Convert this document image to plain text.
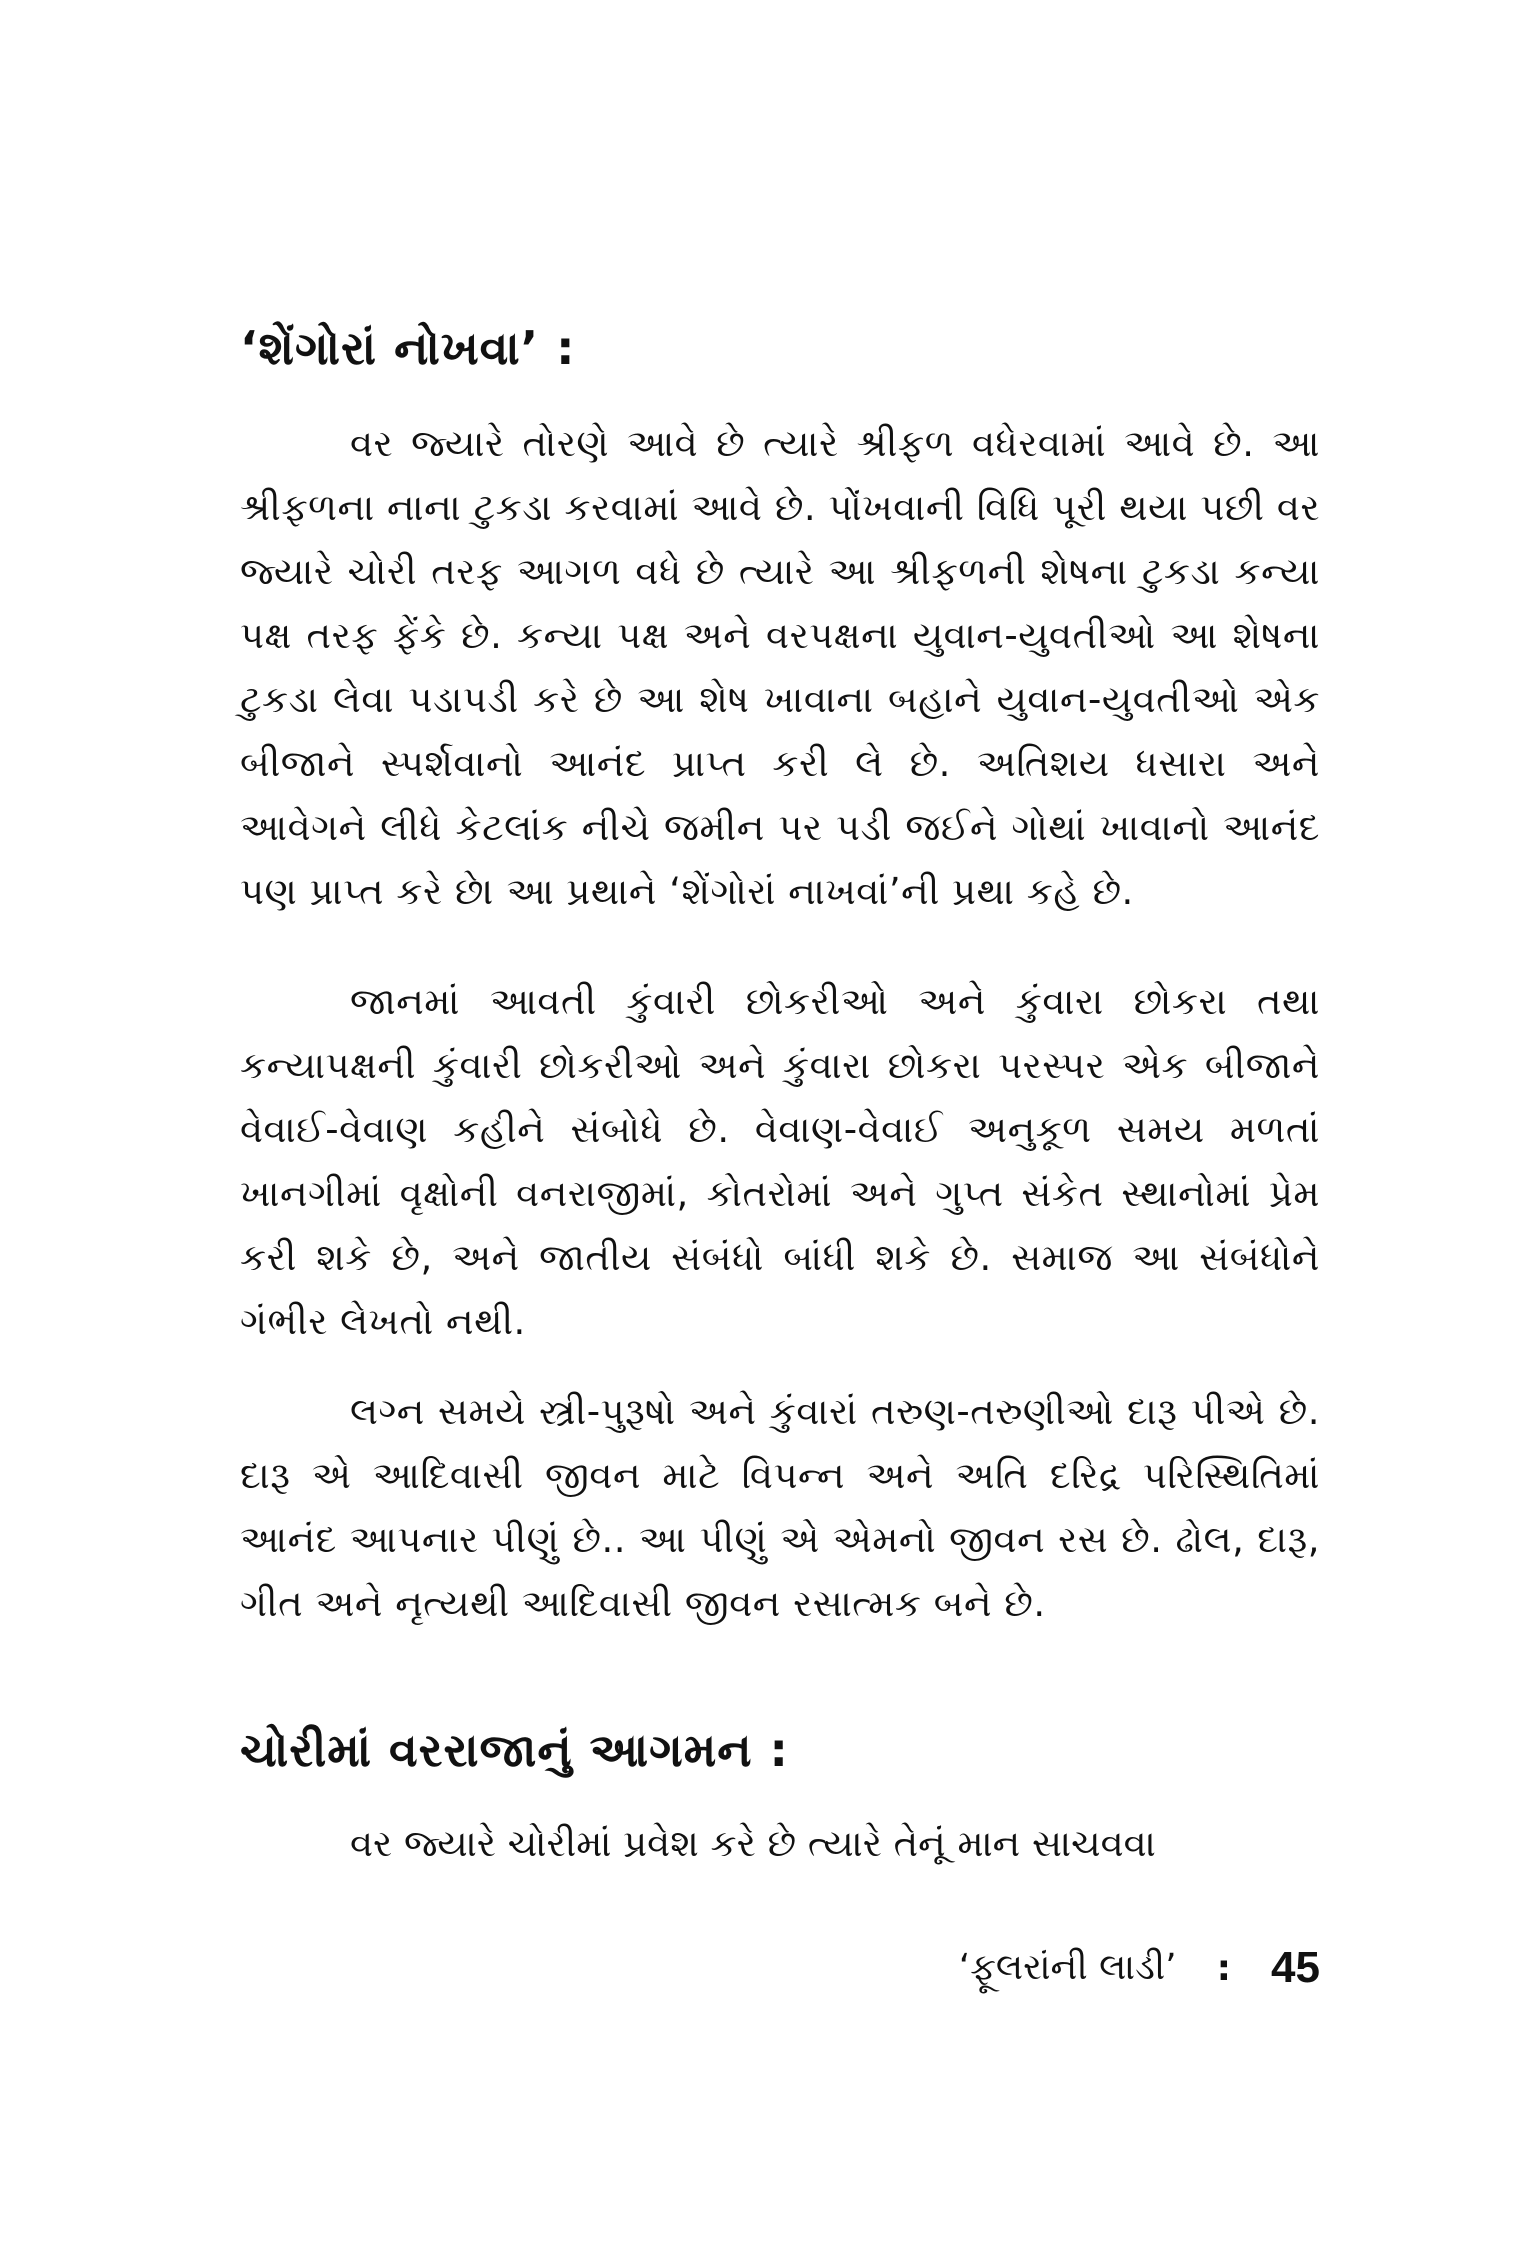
‘શેંગોરાં નોખવા’ :
વર જ્યારે તોરણે આવે છે ત્યારે શ્રીફળ વધેરવામાં આવે છે. આ શ્રીફળના નાના ટુકડા કરવામાં આવે છે. પોંખવાની વિધિ પૂરી થયા પછી વર જ્યારે ચોરી તરફ આગળ વધે છે ત્યારે આ શ્રીફળની શેષના ટુકડા કન્યા પક્ષ તરફ ફેંકે છે. કન્યા પક્ષ અને વરપક્ષના યુવાન-યુવતીઓ આ શેષના ટુકડા લેવા પડાપડી કરે છે આ શેષ ખાવાના બહાને યુવાન-યુવતીઓ એક બીજાને સ્પર્શવાનો આનંદ પ્રાપ્ત કરી લે છે. અતિશય ધસારા અને આવેગને લીધે કેટલાંક નીચે જમીન પર પડી જઈને ગોથાં ખાવાનો આનંદ પણ પ્રાપ્ત કરે છે। આ પ્રથાને ‘શેંગોરાં નાખવાં’ની પ્રથા કહે છે.
જાનમાં આવતી કુંવારી છોકરીઓ અને કુંવારા છોકરા તથા કન્યાપક્ષની કુંવારી છોકરીઓ અને કુંવારા છોકરા પરસ્પર એક બીજાને વેવાઈ-વેવાણ કહીને સંબોધે છે. વેવાણ-વેવાઈ અનુકૂળ સમય મળતાં ખાનગીમાં વૃક્ષોની વનરાજીમાં, કોતરોમાં અને ગુપ્ત સંકેત સ્થાનોમાં પ્રેમ કરી શકે છે, અને જાતીય સંબંધો બાંધી શકે છે. સમાજ આ સંબંધોને ગંભીર લેખતો નથી.
લગ્ન સમયે સ્ત્રી-પુરૂષો અને કુંવારાં તરુણ-તરુણીઓ દારૂ પીએ છે. દારૂ એ આદિવાસી જીવન માટે વિપન્ન અને અતિ દરિદ્ર પરિસ્થિતિમાં આનંદ આપનાર પીણું છે.. આ પીણું એ એમનો જીવન રસ છે. ઢોલ, દારૂ, ગીત અને નૃત્યથી આદિવાસી જીવન રસાત્મક બને છે.
ચોરીમાં વરરાજાનું આગમન :
વર જ્યારે ચોરીમાં પ્રવેશ કરે છે ત્યારે તેનૂં માન સાચવવા
‘ફૂલરાંની લાડી’ : 45
